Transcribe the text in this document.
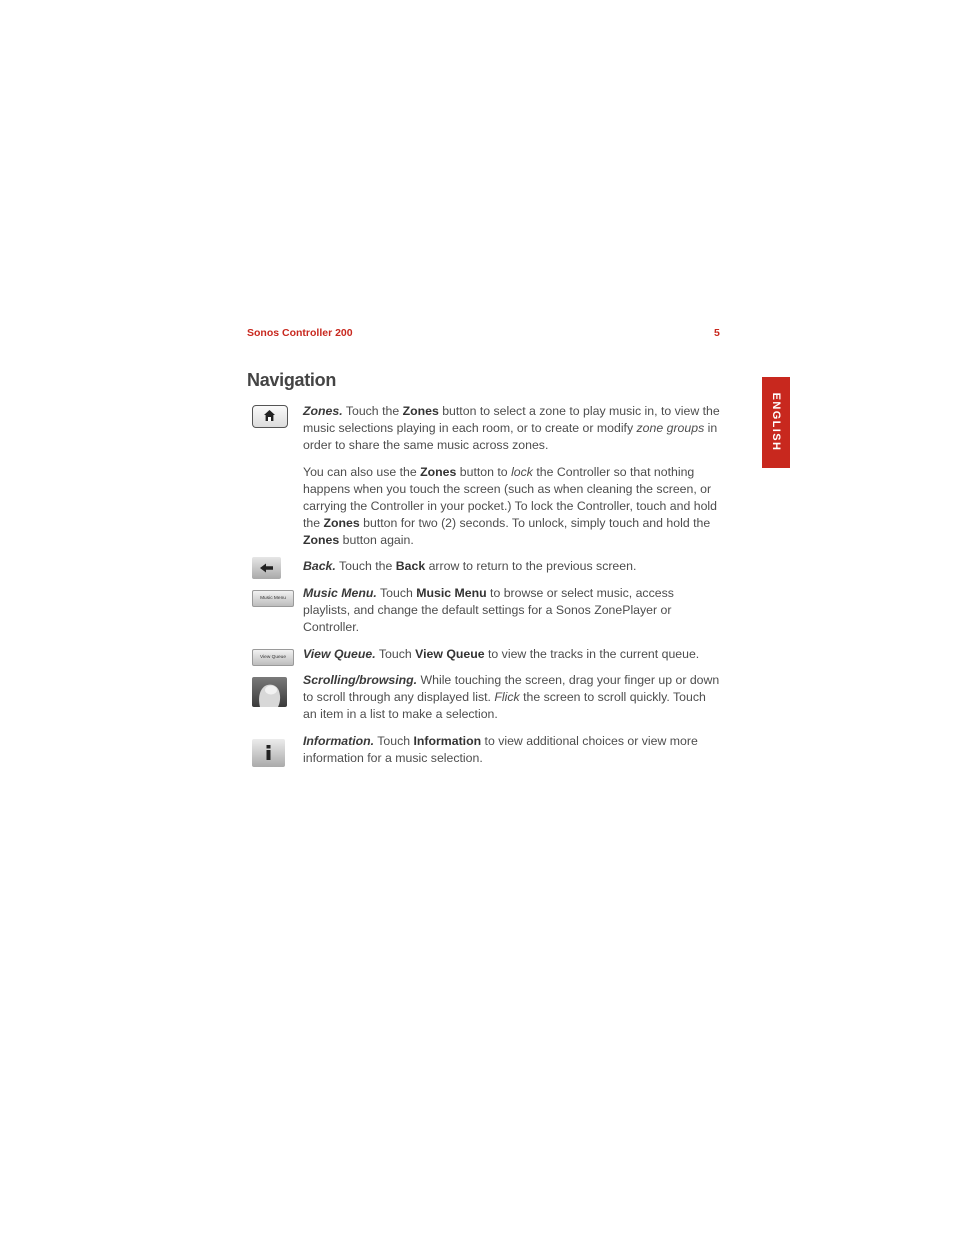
Sonos Controller 200	5
ENGLISH
Navigation

Zones. Touch the Zones button to select a zone to play music in, to view the music selections playing in each room, or to create or modify zone groups in order to share the same music across zones.

You can also use the Zones button to lock the Controller so that nothing happens when you touch the screen (such as when cleaning the screen, or carrying the Controller in your pocket.) To lock the Controller, touch and hold the Zones button for two (2) seconds. To unlock, simply touch and hold the Zones button again.

Back. Touch the Back arrow to return to the previous screen.

Music Menu	Music Menu. Touch Music Menu to browse or select music, access playlists, and change the default settings for a Sonos ZonePlayer or Controller.

View Queue	View Queue. Touch View Queue to view the tracks in the current queue.

Scrolling/browsing. While touching the screen, drag your finger up or down to scroll through any displayed list. Flick the screen to scroll quickly. Touch an item in a list to make a selection.

Information. Touch Information to view additional choices or view more information for a music selection.
